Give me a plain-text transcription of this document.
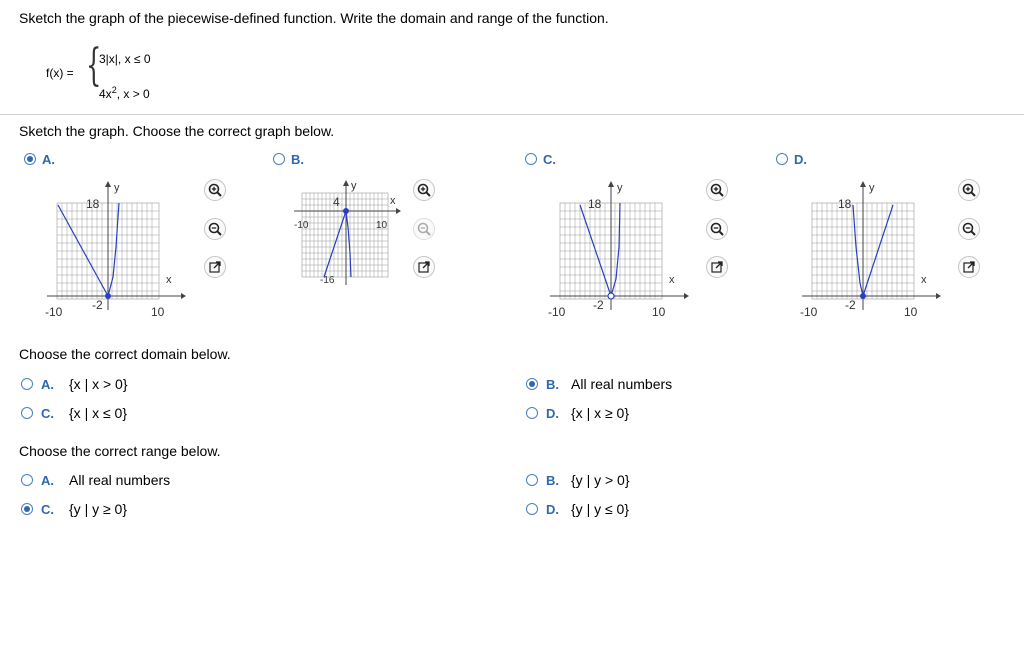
Sketch the graph of the piecewise-defined function. Write the domain and range of the function.
f(x) = {
3|x|, x ≤ 0
$4x^2$, x > 0
Sketch the graph. Choose the correct graph below.
A.	B.	C.	D.
y
x
18
-10	10
-2
y
x
4
-10	10
-16
y
x
18
-10	10
-2
y
x
18
-10	10
-2
Choose the correct domain below.
A. {x | x > 0}	B. All real numbers
C. {x | x ≤ 0}	D. {x | x ≥ 0}
Choose the correct range below.
A. All real numbers	B. {y | y > 0}
C. {y | y ≥ 0}	D. {y | y ≤ 0}
